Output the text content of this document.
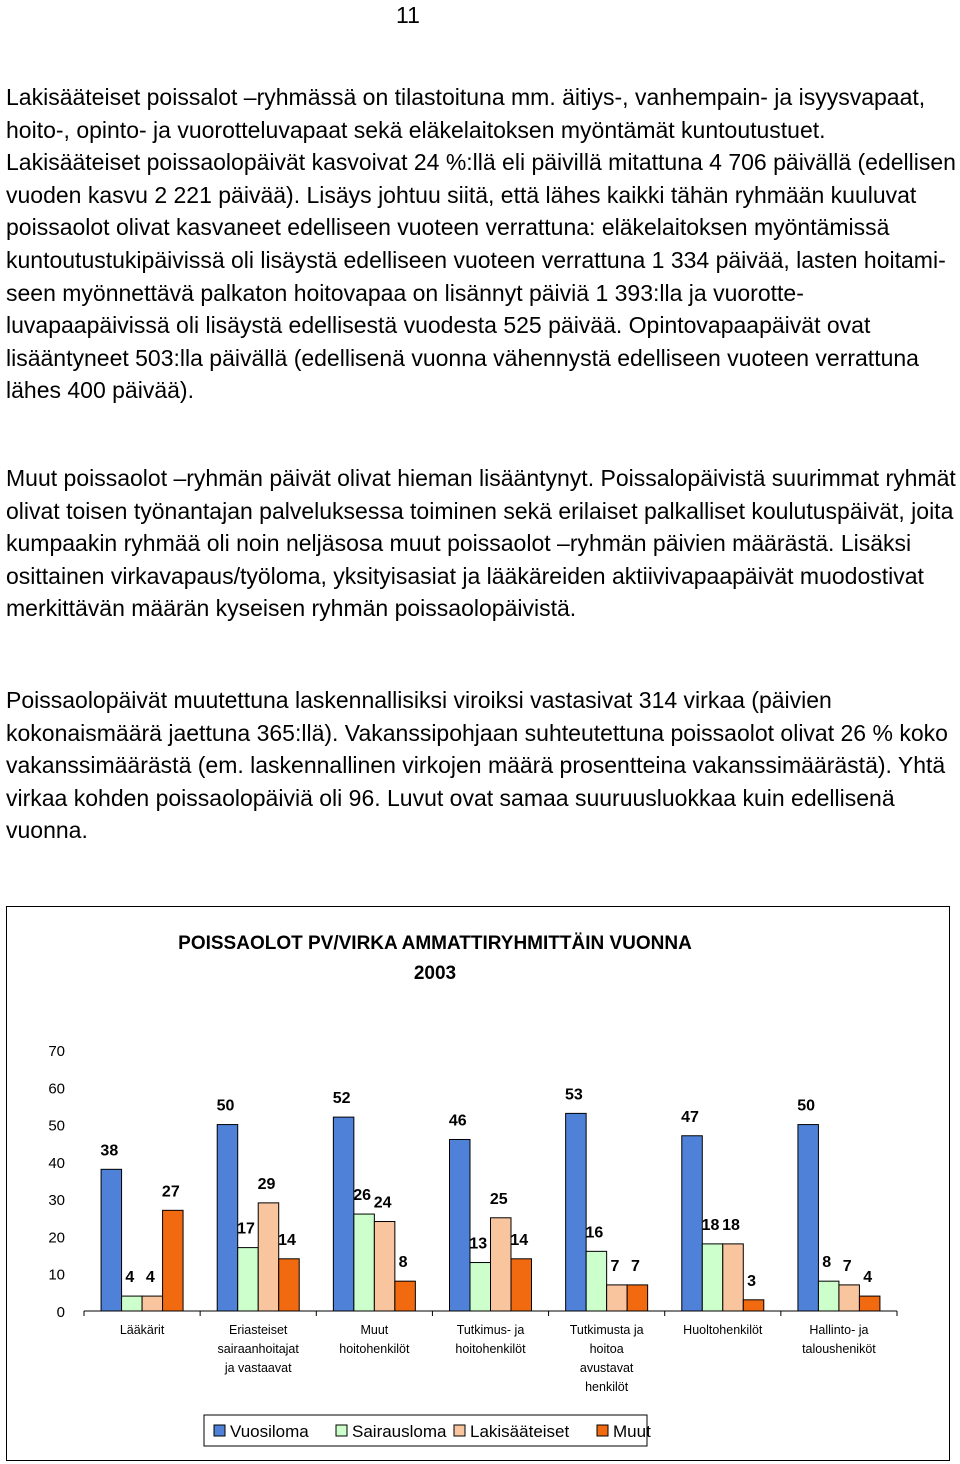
11

Lakisääteiset poissalot –ryhmässä on tilastoituna mm. äitiys-, vanhempain- ja isyysvapaat, hoito-, opinto- ja vuorotteluvapaat sekä eläkelaitoksen myöntämät kuntoutustuet. Lakisääteiset poissaolopäivät kasvoivat 24 %:llä eli päivillä mitattuna 4 706 päivällä (edellisen vuoden kasvu 2 221 päivää). Lisäys johtuu siitä, että lähes kaikki tähän ryhmään kuuluvat poissaolot olivat kasvaneet edelliseen vuoteen verrattuna: eläkelaitoksen myöntämissä kuntoutustukipäivissä oli lisäystä edelliseen vuoteen verrattuna 1 334 päivää, lasten hoitamiseen myönnettävä palkaton hoitovapaa on lisännyt päiviä 1 393:lla ja vuorotteluvapaapäivissä oli lisäystä edellisestä vuodesta 525 päivää. Opintovapaapäivät ovat lisääntyneet 503:lla päivällä (edellisenä vuonna vähennystä edelliseen vuoteen verrattuna lähes 400 päivää).

Muut poissaolot –ryhmän päivät olivat hieman lisääntynyt. Poissalopäivistä suurimmat ryhmät olivat toisen työnantajan palveluksessa toiminen sekä erilaiset palkalliset koulutuspäivät, joita kumpaakin ryhmää oli noin neljäsosa muut poissaolot –ryhmän päivien määrästä. Lisäksi osittainen virkavapaus/työloma, yksityisasiat ja lääkäreiden aktiivivapaapäivät muodostivat merkittävän määrän kyseisen ryhmän poissaolopäivistä.

Poissaolopäivät muutettuna laskennallisiksi viroiksi vastasivat 314 virkaa (päivien kokonaismäärä jaettuna 365:llä). Vakanssipohjaan suhteutettuna poissaolot olivat 26 % koko vakanssimäärästä (em. laskennallinen virkojen määrä prosentteina vakanssimäärästä). Yhtä virkaa kohden poissaolopäiviä oli 96. Luvut ovat samaa suuruusluokkaa kuin edellisenä vuonna.

POISSAOLOT PV/VIRKA AMMATTIRYHMITTÄIN VUONNA
2003
0
10
20
30
40
50
60
70
38
4 4
27
Lääkärit
50
17
29
14
Eriasteiset
sairaanhoitajat
ja vastaavat
52
26 24
8
Muut
hoitohenkilöt
46
13
25
14
Tutkimus- ja
hoitohenkilöt
53
16
7 7
Tutkimusta ja
hoitoa
avustavat
henkilöt
47
18 18
3
Huoltohenkilöt
50
8 7
4
Hallinto- ja
talousheniköt
Vuosiloma	Sairausloma Lakisääteiset	Muut
